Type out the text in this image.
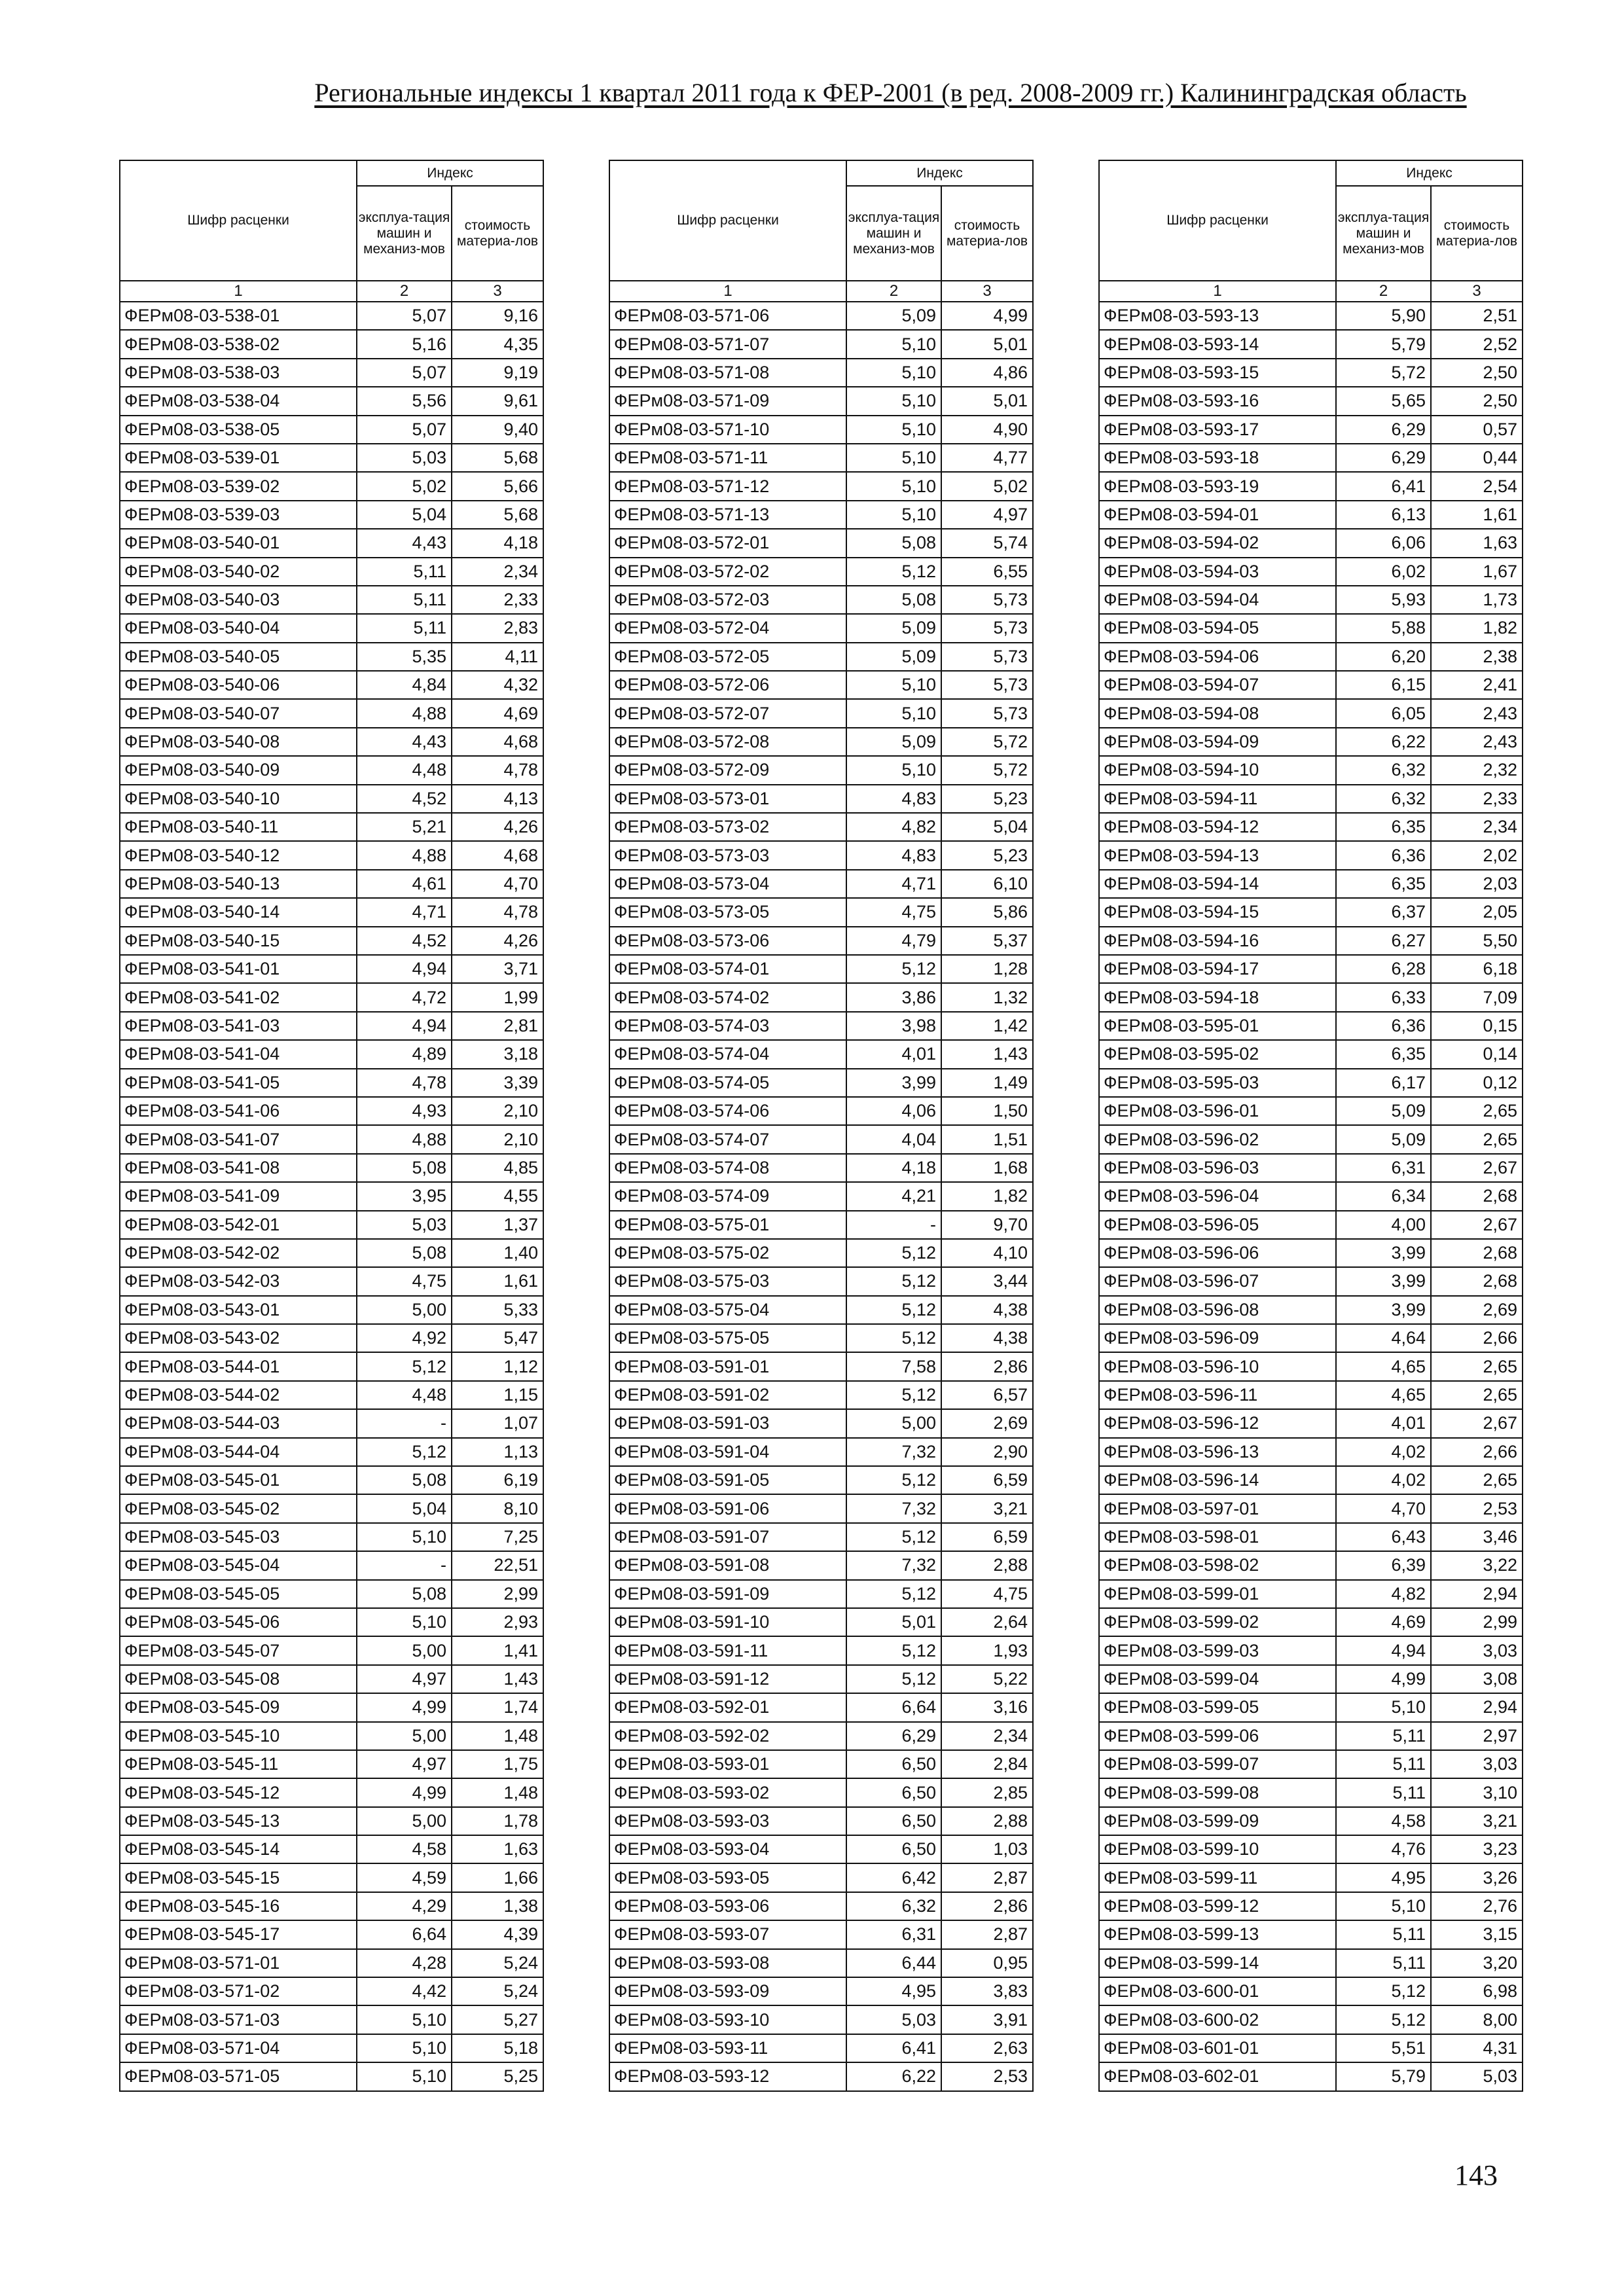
Региональные индексы 1 квартал 2011 года к ФЕР-2001 (в ред. 2008-2009 гг.) Калининградская область
Шифр расценки	Индекс	
	эксплуа-тация машин и механиз-мов	стоимость материа-лов
1	2	3
ФЕРм08-03-538-01	5,07	9,16
ФЕРм08-03-538-02	5,16	4,35
ФЕРм08-03-538-03	5,07	9,19
ФЕРм08-03-538-04	5,56	9,61
ФЕРм08-03-538-05	5,07	9,40
ФЕРм08-03-539-01	5,03	5,68
ФЕРм08-03-539-02	5,02	5,66
ФЕРм08-03-539-03	5,04	5,68
ФЕРм08-03-540-01	4,43	4,18
ФЕРм08-03-540-02	5,11	2,34
ФЕРм08-03-540-03	5,11	2,33
ФЕРм08-03-540-04	5,11	2,83
ФЕРм08-03-540-05	5,35	4,11
ФЕРм08-03-540-06	4,84	4,32
ФЕРм08-03-540-07	4,88	4,69
ФЕРм08-03-540-08	4,43	4,68
ФЕРм08-03-540-09	4,48	4,78
ФЕРм08-03-540-10	4,52	4,13
ФЕРм08-03-540-11	5,21	4,26
ФЕРм08-03-540-12	4,88	4,68
ФЕРм08-03-540-13	4,61	4,70
ФЕРм08-03-540-14	4,71	4,78
ФЕРм08-03-540-15	4,52	4,26
ФЕРм08-03-541-01	4,94	3,71
ФЕРм08-03-541-02	4,72	1,99
ФЕРм08-03-541-03	4,94	2,81
ФЕРм08-03-541-04	4,89	3,18
ФЕРм08-03-541-05	4,78	3,39
ФЕРм08-03-541-06	4,93	2,10
ФЕРм08-03-541-07	4,88	2,10
ФЕРм08-03-541-08	5,08	4,85
ФЕРм08-03-541-09	3,95	4,55
ФЕРм08-03-542-01	5,03	1,37
ФЕРм08-03-542-02	5,08	1,40
ФЕРм08-03-542-03	4,75	1,61
ФЕРм08-03-543-01	5,00	5,33
ФЕРм08-03-543-02	4,92	5,47
ФЕРм08-03-544-01	5,12	1,12
ФЕРм08-03-544-02	4,48	1,15
ФЕРм08-03-544-03	-	1,07
ФЕРм08-03-544-04	5,12	1,13
ФЕРм08-03-545-01	5,08	6,19
ФЕРм08-03-545-02	5,04	8,10
ФЕРм08-03-545-03	5,10	7,25
ФЕРм08-03-545-04	-	22,51
ФЕРм08-03-545-05	5,08	2,99
ФЕРм08-03-545-06	5,10	2,93
ФЕРм08-03-545-07	5,00	1,41
ФЕРм08-03-545-08	4,97	1,43
ФЕРм08-03-545-09	4,99	1,74
ФЕРм08-03-545-10	5,00	1,48
ФЕРм08-03-545-11	4,97	1,75
ФЕРм08-03-545-12	4,99	1,48
ФЕРм08-03-545-13	5,00	1,78
ФЕРм08-03-545-14	4,58	1,63
ФЕРм08-03-545-15	4,59	1,66
ФЕРм08-03-545-16	4,29	1,38
ФЕРм08-03-545-17	6,64	4,39
ФЕРм08-03-571-01	4,28	5,24
ФЕРм08-03-571-02	4,42	5,24
ФЕРм08-03-571-03	5,10	5,27
ФЕРм08-03-571-04	5,10	5,18
ФЕРм08-03-571-05	5,10	5,25
Шифр расценки	Индекс	
	эксплуа-тация машин и механиз-мов	стоимость материа-лов
1	2	3
ФЕРм08-03-571-06	5,09	4,99
ФЕРм08-03-571-07	5,10	5,01
ФЕРм08-03-571-08	5,10	4,86
ФЕРм08-03-571-09	5,10	5,01
ФЕРм08-03-571-10	5,10	4,90
ФЕРм08-03-571-11	5,10	4,77
ФЕРм08-03-571-12	5,10	5,02
ФЕРм08-03-571-13	5,10	4,97
ФЕРм08-03-572-01	5,08	5,74
ФЕРм08-03-572-02	5,12	6,55
ФЕРм08-03-572-03	5,08	5,73
ФЕРм08-03-572-04	5,09	5,73
ФЕРм08-03-572-05	5,09	5,73
ФЕРм08-03-572-06	5,10	5,73
ФЕРм08-03-572-07	5,10	5,73
ФЕРм08-03-572-08	5,09	5,72
ФЕРм08-03-572-09	5,10	5,72
ФЕРм08-03-573-01	4,83	5,23
ФЕРм08-03-573-02	4,82	5,04
ФЕРм08-03-573-03	4,83	5,23
ФЕРм08-03-573-04	4,71	6,10
ФЕРм08-03-573-05	4,75	5,86
ФЕРм08-03-573-06	4,79	5,37
ФЕРм08-03-574-01	5,12	1,28
ФЕРм08-03-574-02	3,86	1,32
ФЕРм08-03-574-03	3,98	1,42
ФЕРм08-03-574-04	4,01	1,43
ФЕРм08-03-574-05	3,99	1,49
ФЕРм08-03-574-06	4,06	1,50
ФЕРм08-03-574-07	4,04	1,51
ФЕРм08-03-574-08	4,18	1,68
ФЕРм08-03-574-09	4,21	1,82
ФЕРм08-03-575-01	-	9,70
ФЕРм08-03-575-02	5,12	4,10
ФЕРм08-03-575-03	5,12	3,44
ФЕРм08-03-575-04	5,12	4,38
ФЕРм08-03-575-05	5,12	4,38
ФЕРм08-03-591-01	7,58	2,86
ФЕРм08-03-591-02	5,12	6,57
ФЕРм08-03-591-03	5,00	2,69
ФЕРм08-03-591-04	7,32	2,90
ФЕРм08-03-591-05	5,12	6,59
ФЕРм08-03-591-06	7,32	3,21
ФЕРм08-03-591-07	5,12	6,59
ФЕРм08-03-591-08	7,32	2,88
ФЕРм08-03-591-09	5,12	4,75
ФЕРм08-03-591-10	5,01	2,64
ФЕРм08-03-591-11	5,12	1,93
ФЕРм08-03-591-12	5,12	5,22
ФЕРм08-03-592-01	6,64	3,16
ФЕРм08-03-592-02	6,29	2,34
ФЕРм08-03-593-01	6,50	2,84
ФЕРм08-03-593-02	6,50	2,85
ФЕРм08-03-593-03	6,50	2,88
ФЕРм08-03-593-04	6,50	1,03
ФЕРм08-03-593-05	6,42	2,87
ФЕРм08-03-593-06	6,32	2,86
ФЕРм08-03-593-07	6,31	2,87
ФЕРм08-03-593-08	6,44	0,95
ФЕРм08-03-593-09	4,95	3,83
ФЕРм08-03-593-10	5,03	3,91
ФЕРм08-03-593-11	6,41	2,63
ФЕРм08-03-593-12	6,22	2,53
Шифр расценки	Индекс	
	эксплуа-тация машин и механиз-мов	стоимость материа-лов
1	2	3
ФЕРм08-03-593-13	5,90	2,51
ФЕРм08-03-593-14	5,79	2,52
ФЕРм08-03-593-15	5,72	2,50
ФЕРм08-03-593-16	5,65	2,50
ФЕРм08-03-593-17	6,29	0,57
ФЕРм08-03-593-18	6,29	0,44
ФЕРм08-03-593-19	6,41	2,54
ФЕРм08-03-594-01	6,13	1,61
ФЕРм08-03-594-02	6,06	1,63
ФЕРм08-03-594-03	6,02	1,67
ФЕРм08-03-594-04	5,93	1,73
ФЕРм08-03-594-05	5,88	1,82
ФЕРм08-03-594-06	6,20	2,38
ФЕРм08-03-594-07	6,15	2,41
ФЕРм08-03-594-08	6,05	2,43
ФЕРм08-03-594-09	6,22	2,43
ФЕРм08-03-594-10	6,32	2,32
ФЕРм08-03-594-11	6,32	2,33
ФЕРм08-03-594-12	6,35	2,34
ФЕРм08-03-594-13	6,36	2,02
ФЕРм08-03-594-14	6,35	2,03
ФЕРм08-03-594-15	6,37	2,05
ФЕРм08-03-594-16	6,27	5,50
ФЕРм08-03-594-17	6,28	6,18
ФЕРм08-03-594-18	6,33	7,09
ФЕРм08-03-595-01	6,36	0,15
ФЕРм08-03-595-02	6,35	0,14
ФЕРм08-03-595-03	6,17	0,12
ФЕРм08-03-596-01	5,09	2,65
ФЕРм08-03-596-02	5,09	2,65
ФЕРм08-03-596-03	6,31	2,67
ФЕРм08-03-596-04	6,34	2,68
ФЕРм08-03-596-05	4,00	2,67
ФЕРм08-03-596-06	3,99	2,68
ФЕРм08-03-596-07	3,99	2,68
ФЕРм08-03-596-08	3,99	2,69
ФЕРм08-03-596-09	4,64	2,66
ФЕРм08-03-596-10	4,65	2,65
ФЕРм08-03-596-11	4,65	2,65
ФЕРм08-03-596-12	4,01	2,67
ФЕРм08-03-596-13	4,02	2,66
ФЕРм08-03-596-14	4,02	2,65
ФЕРм08-03-597-01	4,70	2,53
ФЕРм08-03-598-01	6,43	3,46
ФЕРм08-03-598-02	6,39	3,22
ФЕРм08-03-599-01	4,82	2,94
ФЕРм08-03-599-02	4,69	2,99
ФЕРм08-03-599-03	4,94	3,03
ФЕРм08-03-599-04	4,99	3,08
ФЕРм08-03-599-05	5,10	2,94
ФЕРм08-03-599-06	5,11	2,97
ФЕРм08-03-599-07	5,11	3,03
ФЕРм08-03-599-08	5,11	3,10
ФЕРм08-03-599-09	4,58	3,21
ФЕРм08-03-599-10	4,76	3,23
ФЕРм08-03-599-11	4,95	3,26
ФЕРм08-03-599-12	5,10	2,76
ФЕРм08-03-599-13	5,11	3,15
ФЕРм08-03-599-14	5,11	3,20
ФЕРм08-03-600-01	5,12	6,98
ФЕРм08-03-600-02	5,12	8,00
ФЕРм08-03-601-01	5,51	4,31
ФЕРм08-03-602-01	5,79	5,03
143
